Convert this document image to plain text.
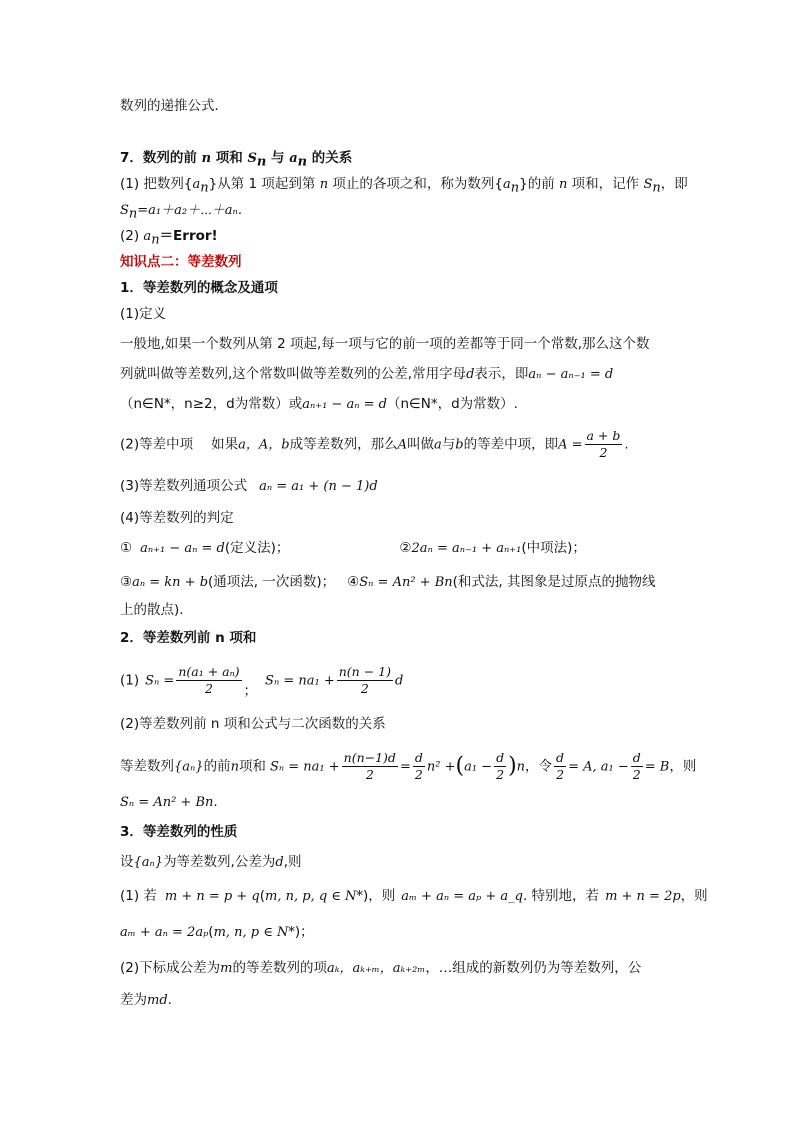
数列的递推公式．
7．数列的前 n 项和 $S_n$ 与 $a_n$ 的关系
(1) 把数列$\{a_n\}$从第 1 项起到第 n 项止的各项之和，称为数列$\{a_n\}$的前 n 项和，记作 $S_n$，即
$S_n=a_1+a_2+\cdots+a_n$.
(2) $a_n=Error$!
知识点二：等差数列
1．等差数列的概念及通项
(1)定义
一般地,如果一个数列从第 2 项起,每一项与它的前一项的差都等于同一个常数,那么这个数
列就叫做等差数列,这个常数叫做等差数列的公差,常用字母d表示，即aₙ − aₙ₋₁ = d
（n∈N*，n≥2，d为常数）或aₙ₊₁ − aₙ = d（n∈N*，d为常数）.
(2)等差中项 如果a，A，b成等差数列，那么A叫做a与b的等差中项，即$A = \frac{a + b}{2}$ .
(3)等差数列通项公式 aₙ = a₁ + (n − 1)d
(4)等差数列的判定
① aₙ₊₁ − aₙ = d(定义法)；	②2aₙ = aₙ₋₁ + aₙ₊₁(中项法)；
③aₙ = kn + b(通项法, 一次函数)； ④Sₙ = An² + Bn(和式法, 其图象是过原点的抛物线
上的散点).
2．等差数列前 n 项和
(1) $S_n = \frac{\text{n(a₁ + aₙ)}}{2}$ ；$S_n = na_1 + \frac{n(n - 1)}{2}$ d
(2)等差数列前 n 项和公式与二次函数的关系
等差数列{aₙ}的前n项和 $S_n = na_1 + \frac{n(n-1)d}{2} = \frac{d}{2} n^2 +(a_1 - \frac{d}{2} )n$，令 $\frac{d}{2} = A$, $a_1 - \frac{d}{2} = B$，则
Sₙ = An² + Bn.
3．等差数列的性质
设{aₙ}为等差数列,公差为d,则
(1) 若 m + n = p + q(m, n, p, q ∈ N*)，则 aₘ + aₙ = aₚ + a_q. 特别地，若 m + n = 2p，则
aₘ + aₙ = 2aₚ(m, n, p ∈ N*)；
(2)下标成公差为m的等差数列的项aₖ，aₖ₊ₘ，aₖ₊₂ₘ，…组成的新数列仍为等差数列，公
差为md.
